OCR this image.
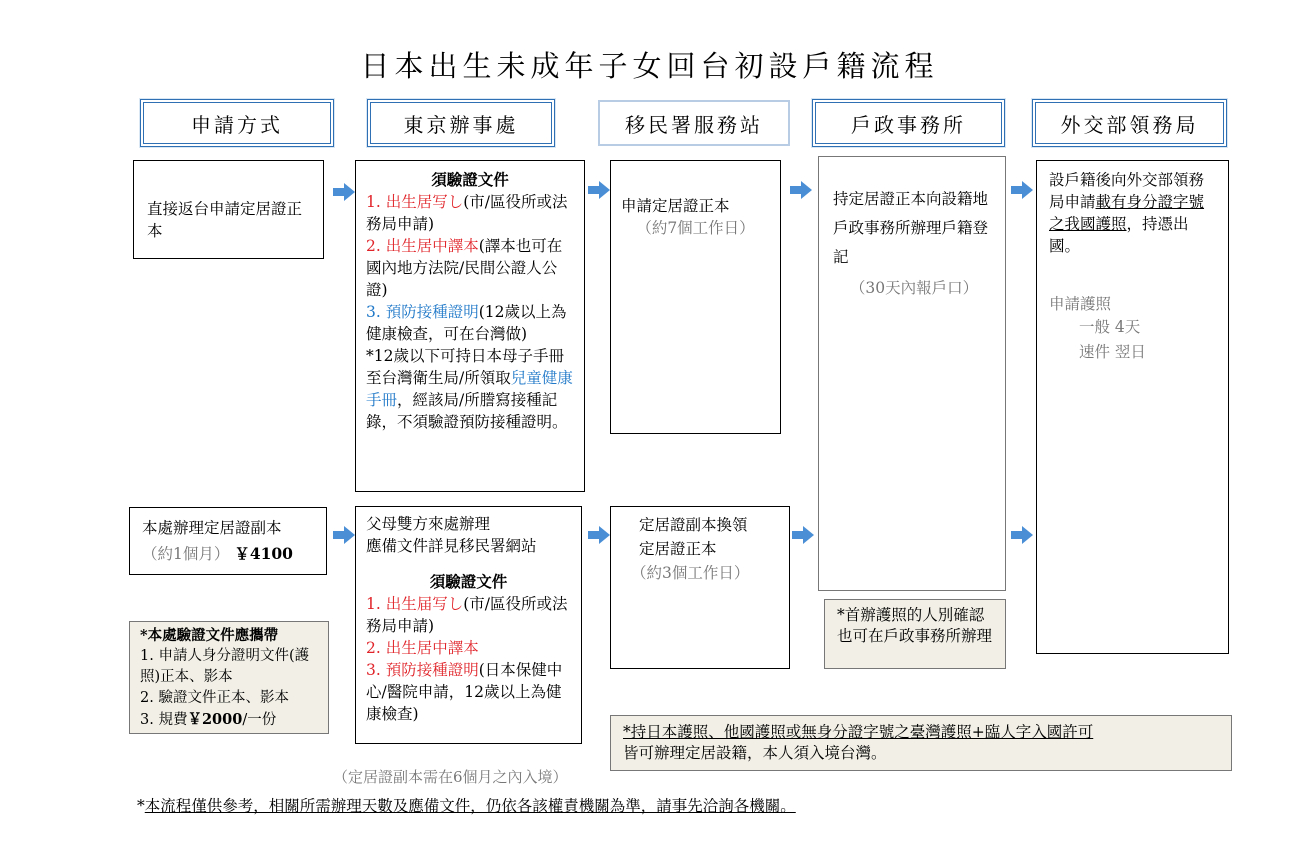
日本出生未成年子女回台初設戶籍流程
申請方式	東京辦事處	移民署服務站	戶政事務所	外交部領務局
直接返台申請定居證正本
須驗證文件
1. 出生居写し(市/區役所或法務局申請)
2. 出生居中譯本(譯本也可在國內地方法院/民間公證人公證)
3. 預防接種證明(12歲以上為健康檢查，可在台灣做)
*12歲以下可持日本母子手冊至台灣衛生局/所領取兒童健康手冊，經該局/所謄寫接種記錄，不須驗證預防接種證明。
申請定居證正本
（約7個工作日）
持定居證正本向設籍地戶政事務所辦理戶籍登記
（30天內報戶口）
設戶籍後向外交部領務局申請載有身分證字號之我國護照，持憑出國。
申請護照
一般 4天
速件 翌日
本處辦理定居證副本
（約1個月） ￥4100
父母雙方來處辦理
應備文件詳見移民署網站
須驗證文件
1. 出生届写し(市/區役所或法務局申請)
2. 出生居中譯本
3. 預防接種證明(日本保健中心/醫院申請，12歲以上為健康檢查)
定居證副本換領
定居證正本
（約3個工作日）
*首辦護照的人別確認也可在戶政事務所辦理
*本處驗證文件應攜帶
1. 申請人身分證明文件(護照)正本、影本
2. 驗證文件正本、影本
3. 規費￥2000/一份
*持日本護照、他國護照或無身分證字號之臺灣護照+臨人字入國許可
皆可辦理定居設籍，本人須入境台灣。
（定居證副本需在6個月之內入境）
*本流程僅供參考，相關所需辦理天數及應備文件，仍依各該權責機關為準，請事先洽詢各機關。
